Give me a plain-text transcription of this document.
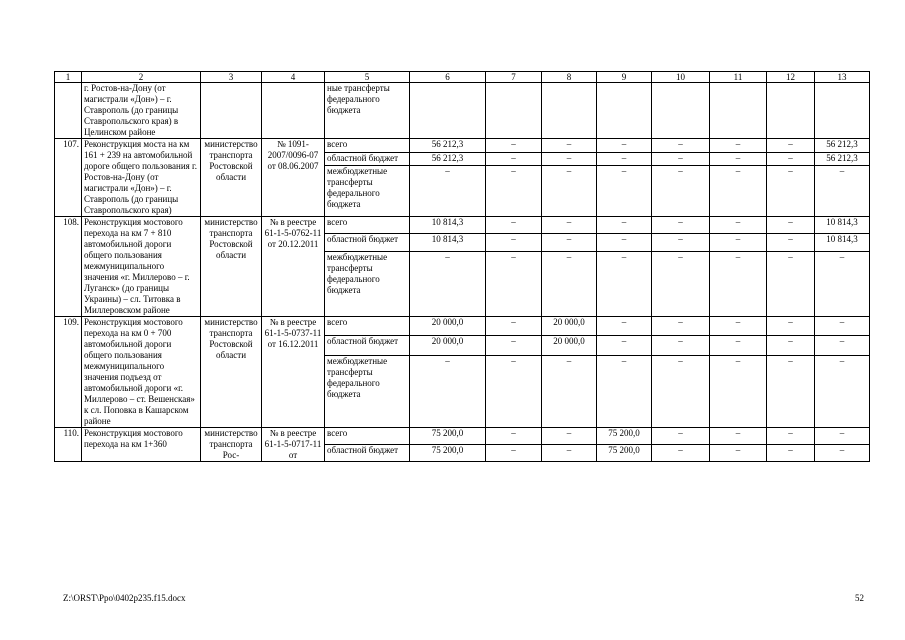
1	2	3	4	5	6	7	8	9	10	11	12	13
	г. Ростов-на-Дону (от магистрали «Дон») – г. Ставрополь (до границы Ставропольского края) в Целинском районе			ные трансферты федерального бюджета								
107.	Реконструкция моста на км 161 + 239 на автомобильной дороге общего пользования г. Ростов-на-Дону (от магистрали «Дон») – г. Ставрополь (до границы Ставропольского края)	министерство транспорта Ростовской области	№ 1091-2007/0096-07 от 08.06.2007	всего	56 212,3	–	–	–	–	–	–	56 212,3
				областной бюджет	56 212,3	–	–	–	–	–	–	56 212,3
				межбюджетные трансферты федерального бюджета	–	–	–	–	–	–	–	–
108.	Реконструкция мостового перехода на км 7 + 810 автомобильной дороги общего пользования межмуниципального значения «г. Миллерово – г. Луганск» (до границы Украины) – сл. Титовка в Миллеровском районе	министерство транспорта Ростовской области	№ в реестре 61-1-5-0762-11 от 20.12.2011	всего	10 814,3	–	–	–	–	–	–	10 814,3
				областной бюджет	10 814,3	–	–	–	–	–	–	10 814,3
				межбюджетные трансферты федерального бюджета	–	–	–	–	–	–	–	–
109.	Реконструкция мостового перехода на км 0 + 700 автомобильной дороги общего пользования межмуниципального значения подъезд от автомобильной дороги «г. Миллерово – ст. Вешенская» к сл. Поповка в Кашарском районе	министерство транспорта Ростовской области	№ в реестре 61-1-5-0737-11 от 16.12.2011	всего	20 000,0	–	20 000,0	–	–	–	–	–
				областной бюджет	20 000,0	–	20 000,0	–	–	–	–	–
				межбюджетные трансферты федерального бюджета	–	–	–	–	–	–	–	–
110.	Реконструкция мостового перехода на км 1+360	министерство транспорта Рос-	№ в реестре 61-1-5-0717-11 от	всего	75 200,0	–	–	75 200,0	–	–	–	–
				областной бюджет	75 200,0	–	–	75 200,0	–	–	–	–
Z:\ORST\Ppo\0402p235.f15.docx	52
